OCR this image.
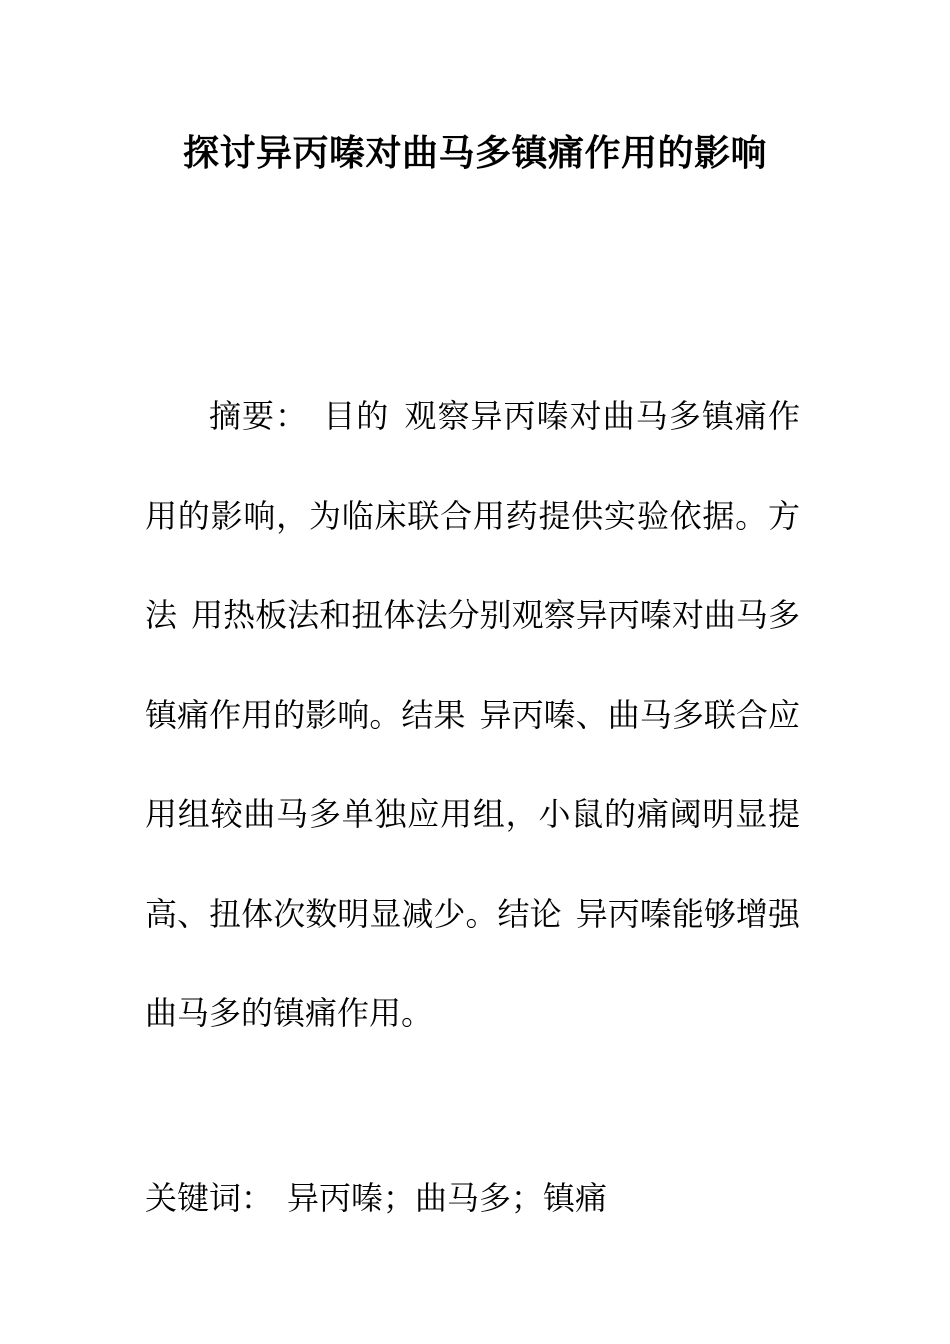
探讨异丙嗪对曲马多镇痛作用的影响

摘要： 目的 观察异丙嗪对曲马多镇痛作用的影响，为临床联合用药提供实验依据。方法 用热板法和扭体法分别观察异丙嗪对曲马多镇痛作用的影响。结果 异丙嗪、曲马多联合应用组较曲马多单独应用组，小鼠的痛阈明显提高、扭体次数明显减少。结论 异丙嗪能够增强曲马多的镇痛作用。

关键词： 异丙嗪；曲马多；镇痛
